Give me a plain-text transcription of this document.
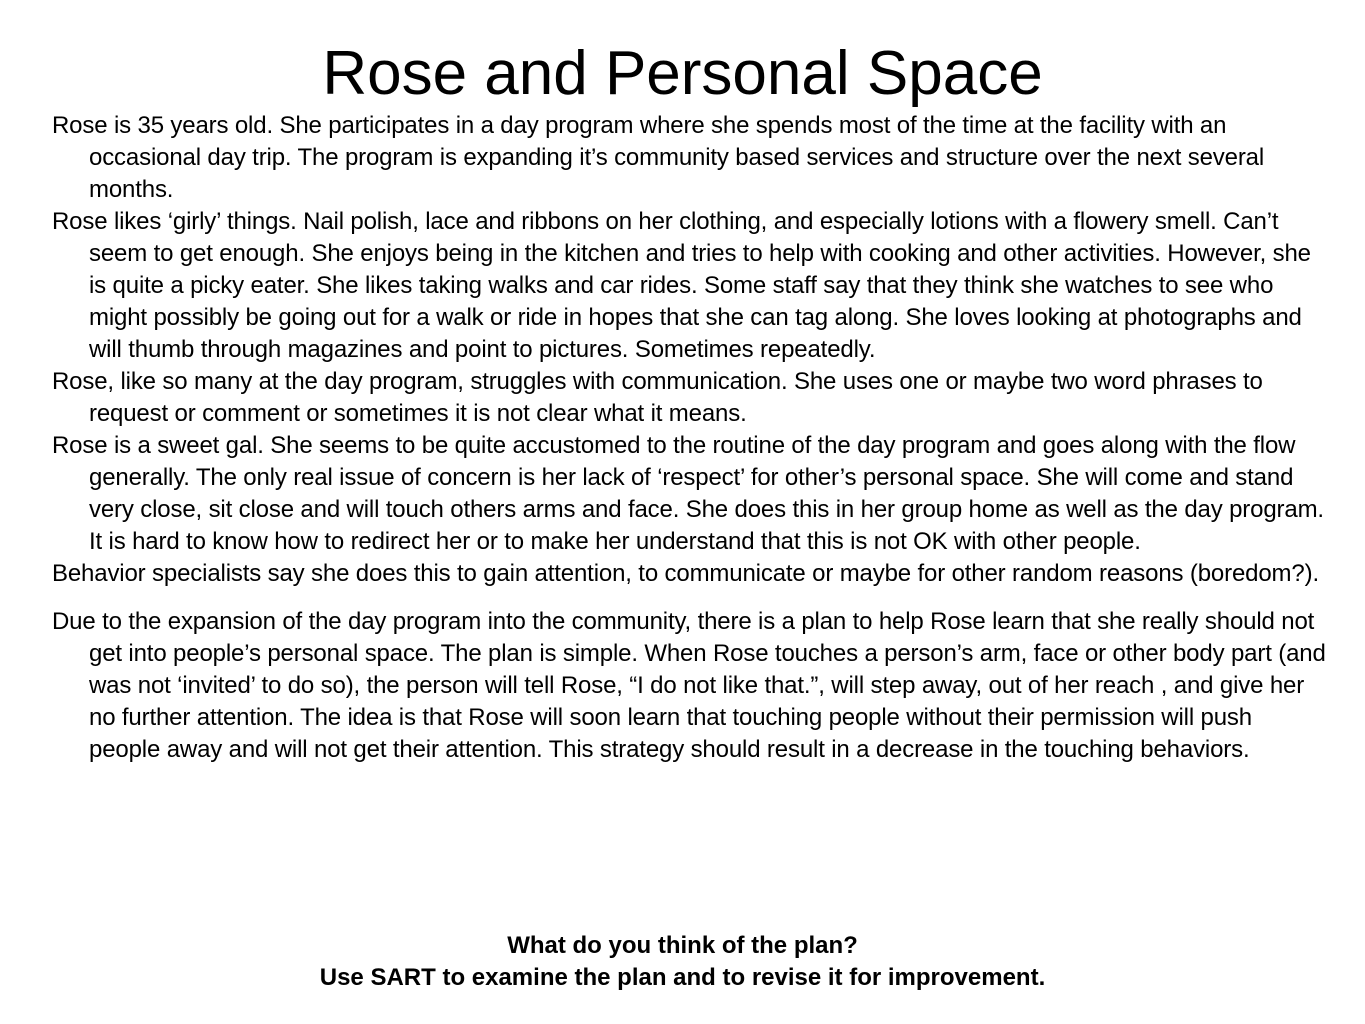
Rose and Personal Space

Rose is 35 years old. She participates in a day program where she spends most of the time at the facility with an occasional day trip. The program is expanding it’s community based services and structure over the next several months.

Rose likes ‘girly’ things. Nail polish, lace and ribbons on her clothing, and especially lotions with a flowery smell. Can’t seem to get enough. She enjoys being in the kitchen and tries to help with cooking and other activities. However, she is quite a picky eater. She likes taking walks and car rides. Some staff say that they think she watches to see who might possibly be going out for a walk or ride in hopes that she can tag along. She loves looking at photographs and will thumb through magazines and point to pictures. Sometimes repeatedly.

Rose, like so many at the day program, struggles with communication. She uses one or maybe two word phrases to request or comment or sometimes it is not clear what it means.

Rose is a sweet gal. She seems to be quite accustomed to the routine of the day program and goes along with the flow generally. The only real issue of concern is her lack of ‘respect’ for other’s personal space. She will come and stand very close, sit close and will touch others arms and face. She does this in her group home as well as the day program. It is hard to know how to redirect her or to make her understand that this is not OK with other people.

Behavior specialists say she does this to gain attention, to communicate or maybe for other random reasons (boredom?).

Due to the expansion of the day program into the community, there is a plan to help Rose learn that she really should not get into people’s personal space. The plan is simple. When Rose touches a person’s arm, face or other body part (and was not ‘invited’ to do so), the person will tell Rose, “I do not like that.”, will step away, out of her reach , and give her no further attention. The idea is that Rose will soon learn that touching people without their permission will push people away and will not get their attention. This strategy should result in a decrease in the touching behaviors.

What do you think of the plan?

Use SART to examine the plan and to revise it for improvement.
